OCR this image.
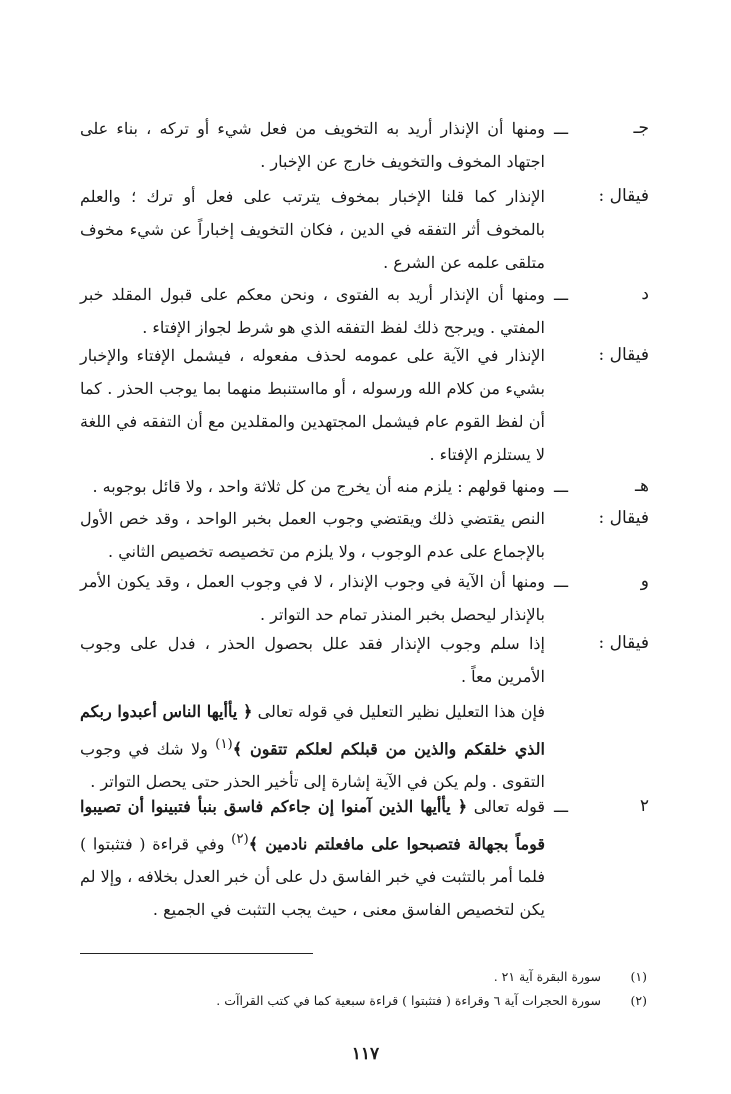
جـ
ـــ
ومنها أن الإنذار أريد به التخويف من فعل شيء أو تركه ، بناء على اجتهاد المخوف والتخويف خارج عن الإخبار .
فيقال :
الإنذار كما قلنا الإخبار بمخوف يترتب على فعل أو ترك ؛ والعلم بالمخوف أثر التفقه في الدين ، فكان التخويف إخباراً عن شيء مخوف متلقى علمه عن الشرع .
د
ـــ
ومنها أن الإنذار أريد به الفتوى ، ونحن معكم على قبول المقلد خبر المفتي . ويرجح ذلك لفظ التفقه الذي هو شرط لجواز الإفتاء .
فيقال :
الإنذار في الآية على عمومه لحذف مفعوله ، فيشمل الإفتاء والإخبار بشيء من كلام الله ورسوله ، أو مااستنبط منهما بما يوجب الحذر . كما أن لفظ القوم عام فيشمل المجتهدين والمقلدين مع أن التفقه في اللغة لا يستلزم الإفتاء .
هـ
ـــ
ومنها قولهم : يلزم منه أن يخرج من كل ثلاثة واحد ، ولا قائل بوجوبه .
فيقال :
النص يقتضي ذلك ويقتضي وجوب العمل بخبر الواحد ، وقد خص الأول بالإجماع على عدم الوجوب ، ولا يلزم من تخصيصه تخصيص الثاني .
و
ـــ
ومنها أن الآية في وجوب الإنذار ، لا في وجوب العمل ، وقد يكون الأمر بالإنذار ليحصل بخبر المنذر تمام حد التواتر .
فيقال :
إذا سلم وجوب الإنذار فقد علل بحصول الحذر ، فدل على وجوب الأمرين معاً .
فإن هذا التعليل نظير التعليل في قوله تعالى ﴿ يأأيها الناس أعبدوا ربكم الذي خلقكم والذين من قبلكم لعلكم تتقون ﴾$^{(١)}$ ولا شك في وجوب التقوى . ولم يكن في الآية إشارة إلى تأخير الحذر حتى يحصل التواتر .
٢
ـــ
قوله تعالى ﴿ يأأيها الذين آمنوا إن جاءكم فاسق بنبأ فتبينوا أن تصيبوا قوماً بجهالة فتصبحوا على مافعلتم نادمين ﴾$^{(٢)}$ وفي قراءة ( فتثبتوا ) فلما أمر بالتثبت في خبر الفاسق دل على أن خبر العدل بخلافه ، وإلا لم يكن لتخصيص الفاسق معنى ، حيث يجب التثبت في الجميع .
(١)سورة البقرة آية ٢١ .
(٢)سورة الحجرات آية ٦ وقراءة ( فتثبتوا ) قراءة سبعية كما في كتب القراآت .
١١٧
